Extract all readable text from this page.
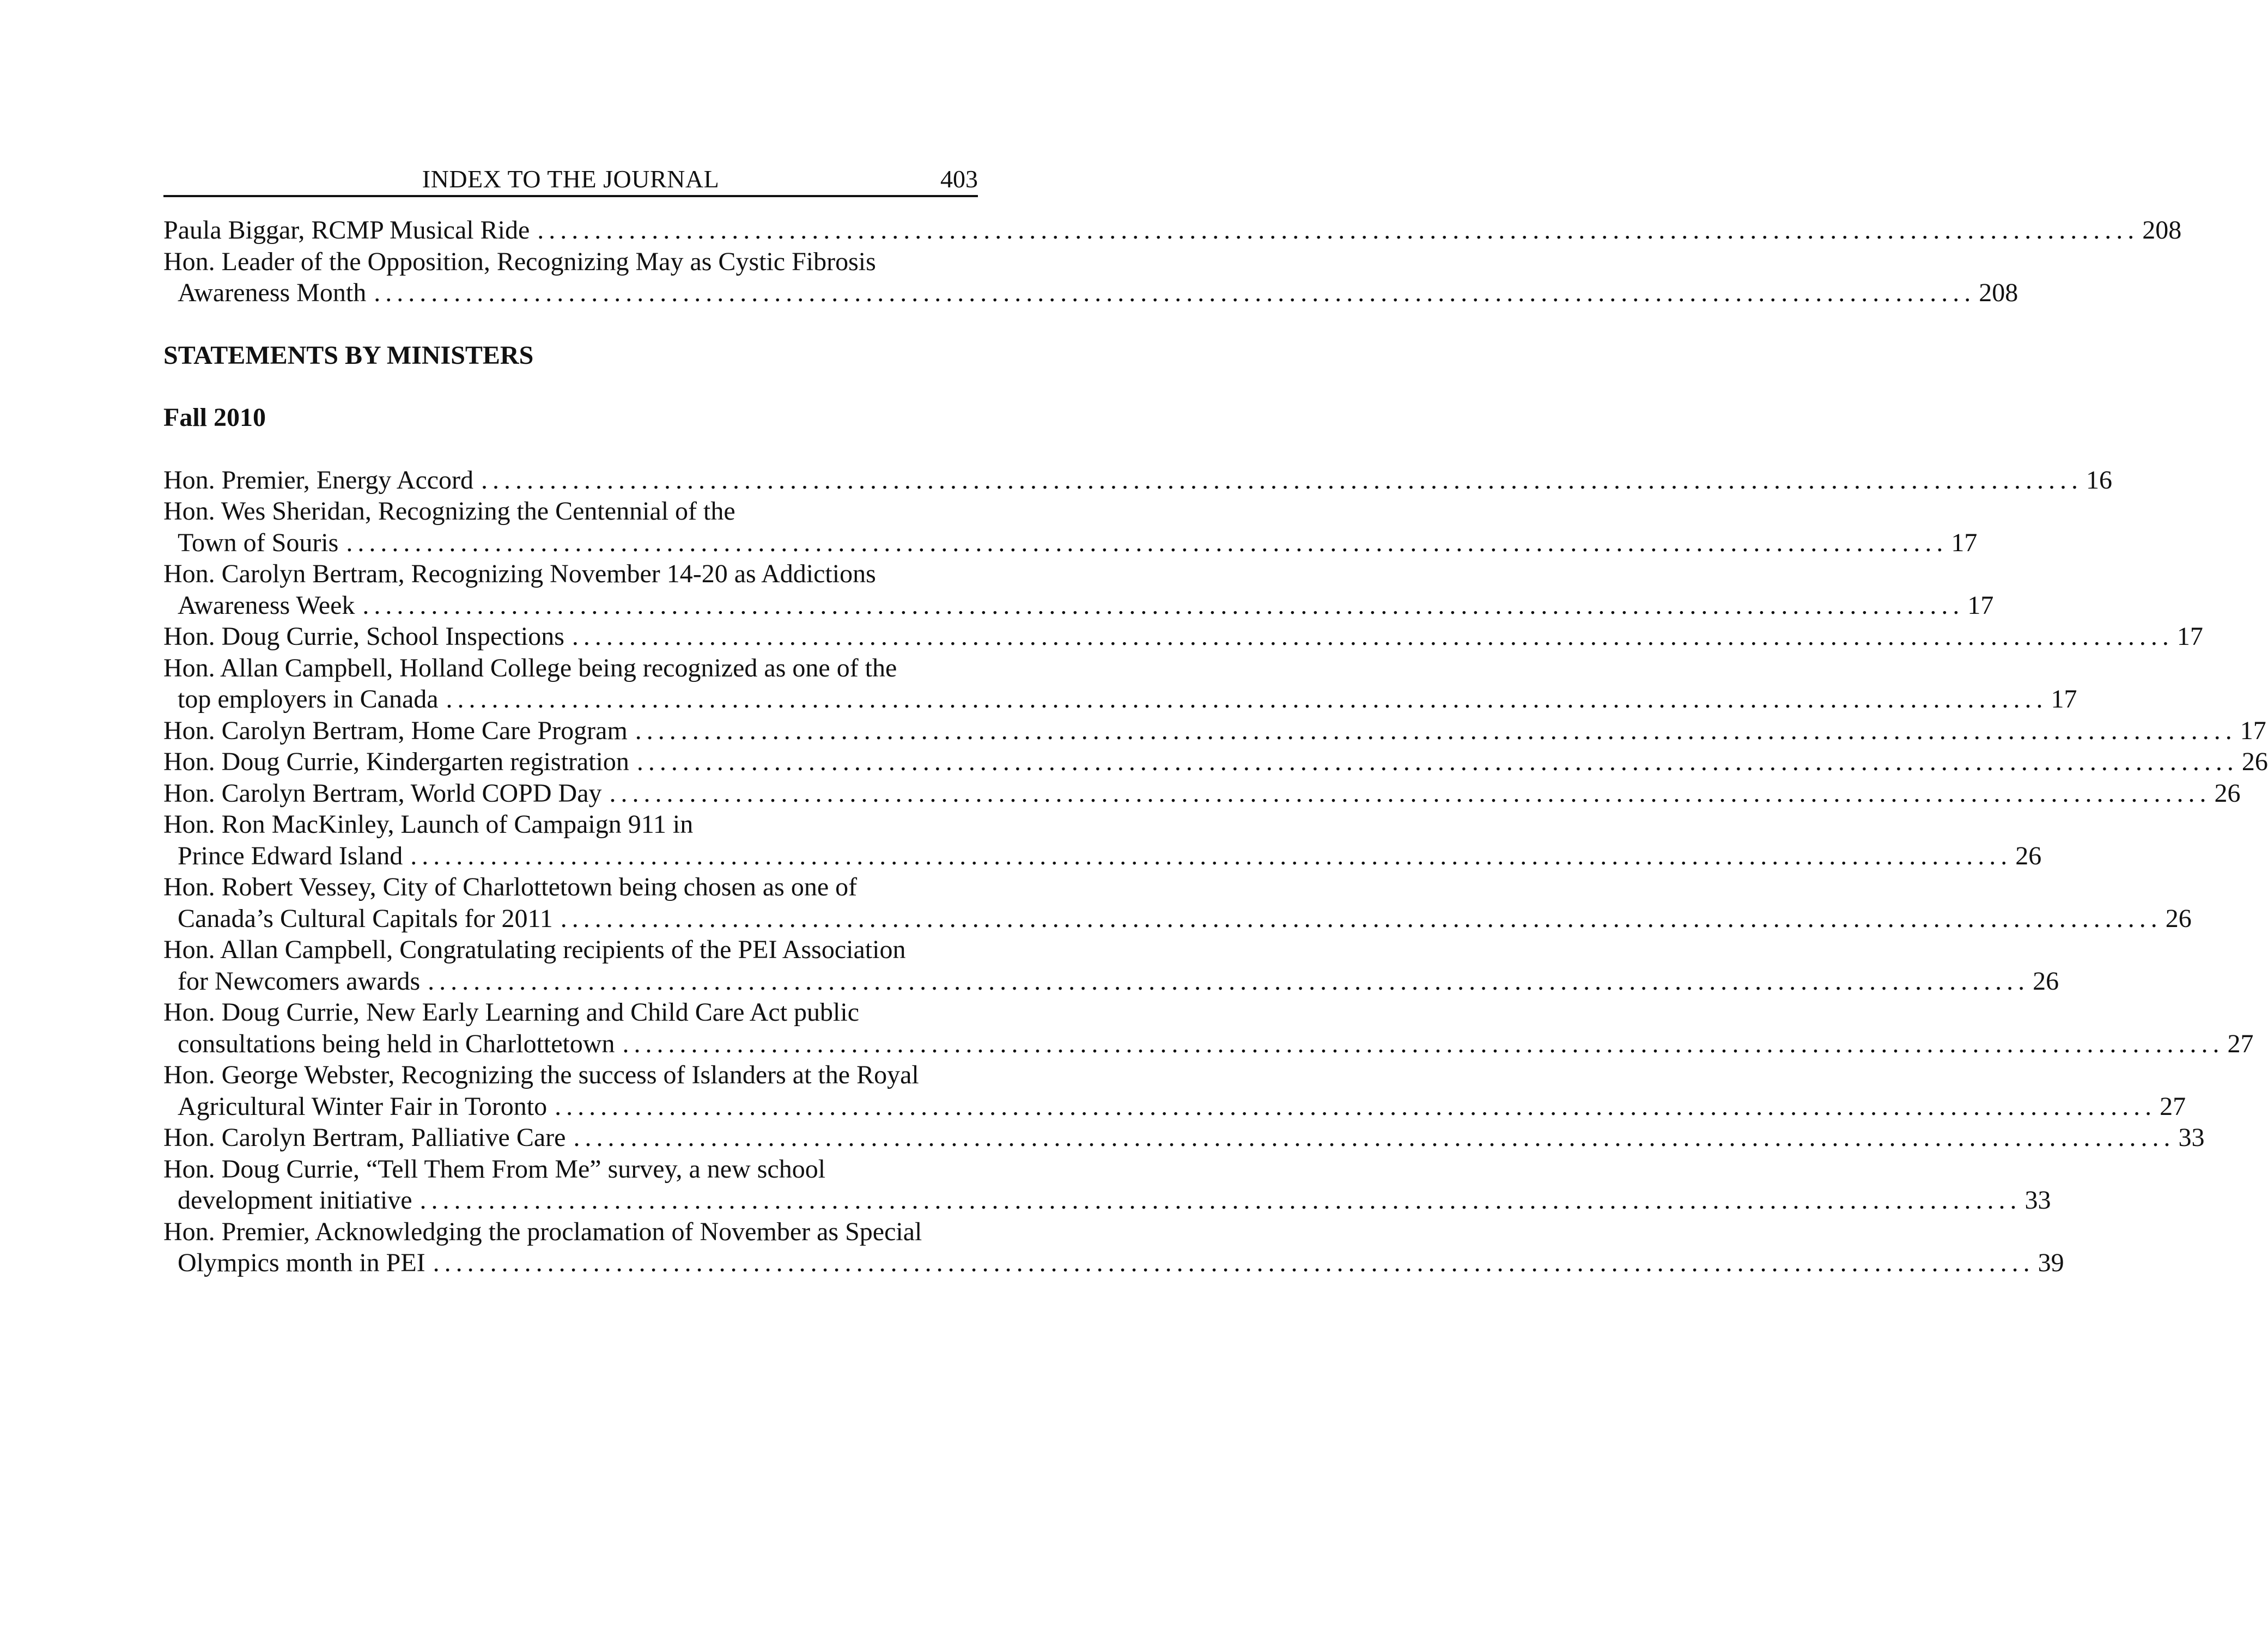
INDEX TO THE JOURNAL	403
Paula Biggar, RCMP Musical Ride ............................................................................................................................................ 208
Hon. Leader of the Opposition, Recognizing May as Cystic Fibrosis
Awareness Month ............................................................................................................................................ 208
STATEMENTS BY MINISTERS
Fall 2010
Hon. Premier, Energy Accord ............................................................................................................................................ 16
Hon. Wes Sheridan, Recognizing the Centennial of the
Town of Souris ............................................................................................................................................ 17
Hon. Carolyn Bertram, Recognizing November 14-20 as Addictions
Awareness Week ............................................................................................................................................ 17
Hon. Doug Currie, School Inspections ............................................................................................................................................ 17
Hon. Allan Campbell, Holland College being recognized as one of the
top employers in Canada ............................................................................................................................................ 17
Hon. Carolyn Bertram, Home Care Program ............................................................................................................................................ 17
Hon. Doug Currie, Kindergarten registration ............................................................................................................................................ 26
Hon. Carolyn Bertram, World COPD Day ............................................................................................................................................ 26
Hon. Ron MacKinley, Launch of Campaign 911 in
Prince Edward Island ............................................................................................................................................ 26
Hon. Robert Vessey, City of Charlottetown being chosen as one of
Canada’s Cultural Capitals for 2011 ............................................................................................................................................ 26
Hon. Allan Campbell, Congratulating recipients of the PEI Association
for Newcomers awards ............................................................................................................................................ 26
Hon. Doug Currie, New Early Learning and Child Care Act public
consultations being held in Charlottetown ............................................................................................................................................ 27
Hon. George Webster, Recognizing the success of Islanders at the Royal
Agricultural Winter Fair in Toronto ............................................................................................................................................ 27
Hon. Carolyn Bertram, Palliative Care ............................................................................................................................................ 33
Hon. Doug Currie, “Tell Them From Me” survey, a new school
development initiative ............................................................................................................................................ 33
Hon. Premier, Acknowledging the proclamation of November as Special
Olympics month in PEI ............................................................................................................................................ 39
